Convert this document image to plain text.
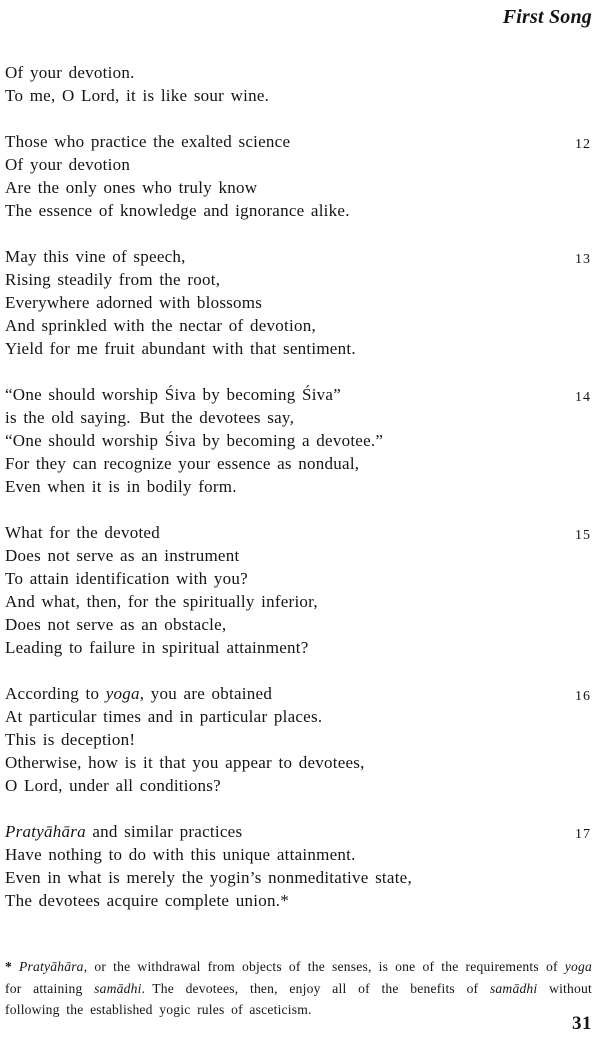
First Song
Of your devotion.
To me, O Lord, it is like sour wine.
Those who practice the exalted science
Of your devotion
Are the only ones who truly know
The essence of knowledge and ignorance alike.
12
May this vine of speech,
Rising steadily from the root,
Everywhere adorned with blossoms
And sprinkled with the nectar of devotion,
Yield for me fruit abundant with that sentiment.
13
“One should worship Śiva by becoming Śiva”
is the old saying. But the devotees say,
“One should worship Śiva by becoming a devotee.”
For they can recognize your essence as nondual,
Even when it is in bodily form.
14
What for the devoted
Does not serve as an instrument
To attain identification with you?
And what, then, for the spiritually inferior,
Does not serve as an obstacle,
Leading to failure in spiritual attainment?
15
According to yoga, you are obtained
At particular times and in particular places.
This is deception!
Otherwise, how is it that you appear to devotees,
O Lord, under all conditions?
16
Pratyāhāra and similar practices
Have nothing to do with this unique attainment.
Even in what is merely the yogin’s nonmeditative state,
The devotees acquire complete union.*
17
*  Pratyāhāra, or the withdrawal from objects of the senses, is one of the requirements of yoga for attaining samādhi. The devotees, then, enjoy all of the benefits of samādhi without following the established yogic rules of asceticism.
31
